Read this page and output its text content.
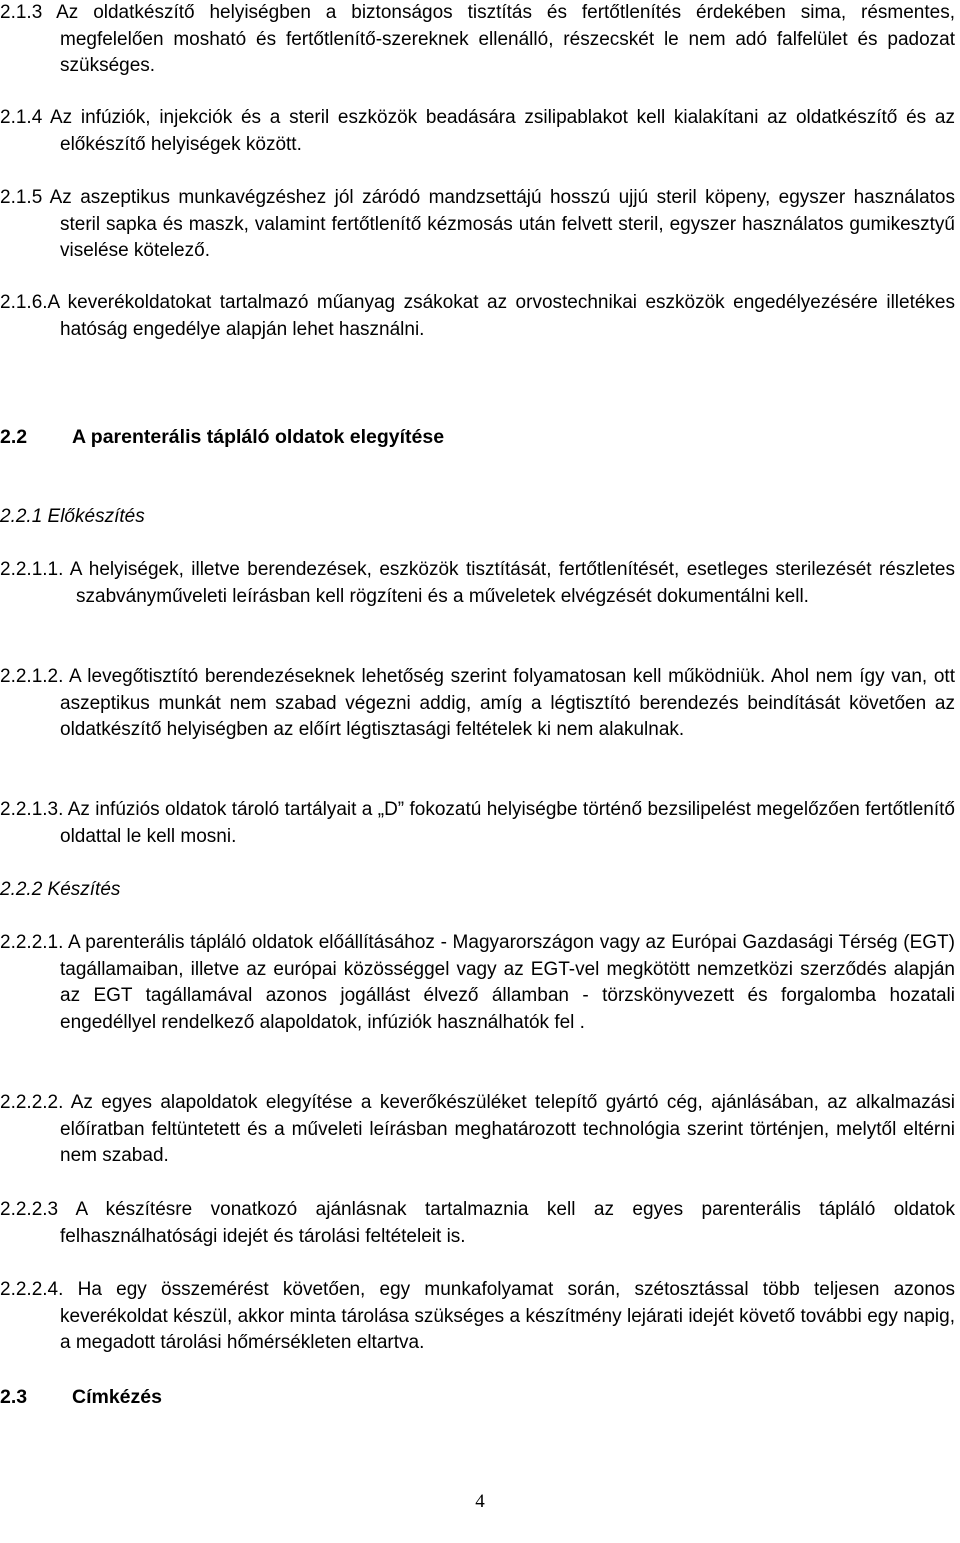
2.1.3 Az oldatkészítő helyiségben a biztonságos tisztítás és fertőtlenítés érdekében sima, résmentes, megfelelően mosható és fertőtlenítő-szereknek ellenálló, részecskét le nem adó falfelület és padozat szükséges.

2.1.4 Az infúziók, injekciók és a steril eszközök beadására zsilipablakot kell kialakítani az oldatkészítő és az előkészítő helyiségek között.

2.1.5 Az aszeptikus munkavégzéshez jól záródó mandzsettájú hosszú ujjú steril köpeny, egyszer használatos steril sapka és maszk, valamint fertőtlenítő kézmosás után felvett steril, egyszer használatos gumikesztyű viselése kötelező.

2.1.6.A keverékoldatokat tartalmazó műanyag zsákokat az orvostechnikai eszközök engedélyezésére illetékes hatóság engedélye alapján lehet használni.

2.2 A parenterális tápláló oldatok elegyítése
2.2.1 Előkészítés

2.2.1.1. A helyiségek, illetve berendezések, eszközök tisztítását, fertőtlenítését, esetleges sterilezését részletes szabványműveleti leírásban kell rögzíteni és a műveletek elvégzését dokumentálni kell.

2.2.1.2. A levegőtisztító berendezéseknek lehetőség szerint folyamatosan kell működniük. Ahol nem így van, ott aszeptikus munkát nem szabad végezni addig, amíg a légtisztító berendezés beindítását követően az oldatkészítő helyiségben az előírt légtisztasági feltételek ki nem alakulnak.

2.2.1.3. Az infúziós oldatok tároló tartályait a „D” fokozatú helyiségbe történő bezsilipelést megelőzően fertőtlenítő oldattal le kell mosni.

2.2.2 Készítés

2.2.2.1. A parenterális tápláló oldatok előállításához - Magyarországon vagy az Európai Gazdasági Térség (EGT) tagállamaiban, illetve az európai közösséggel vagy az EGT-vel megkötött nemzetközi szerződés alapján az EGT tagállamával azonos jogállást élvező államban - törzskönyvezett és forgalomba hozatali engedéllyel rendelkező alapoldatok, infúziók használhatók fel .

2.2.2.2. Az egyes alapoldatok elegyítése a keverőkészüléket telepítő gyártó cég, ajánlásában, az alkalmazási előíratban feltüntetett és a műveleti leírásban meghatározott technológia szerint történjen, melytől eltérni nem szabad.

2.2.2.3 A készítésre vonatkozó ajánlásnak tartalmaznia kell az egyes parenterális tápláló oldatok felhasználhatósági idejét és tárolási feltételeit is.

2.2.2.4. Ha egy összemérést követően, egy munkafolyamat során, szétosztással több teljesen azonos keverékoldat készül, akkor minta tárolása szükséges a készítmény lejárati idejét követő további egy napig, a megadott tárolási hőmérsékleten eltartva.

2.3 Címkézés
4
